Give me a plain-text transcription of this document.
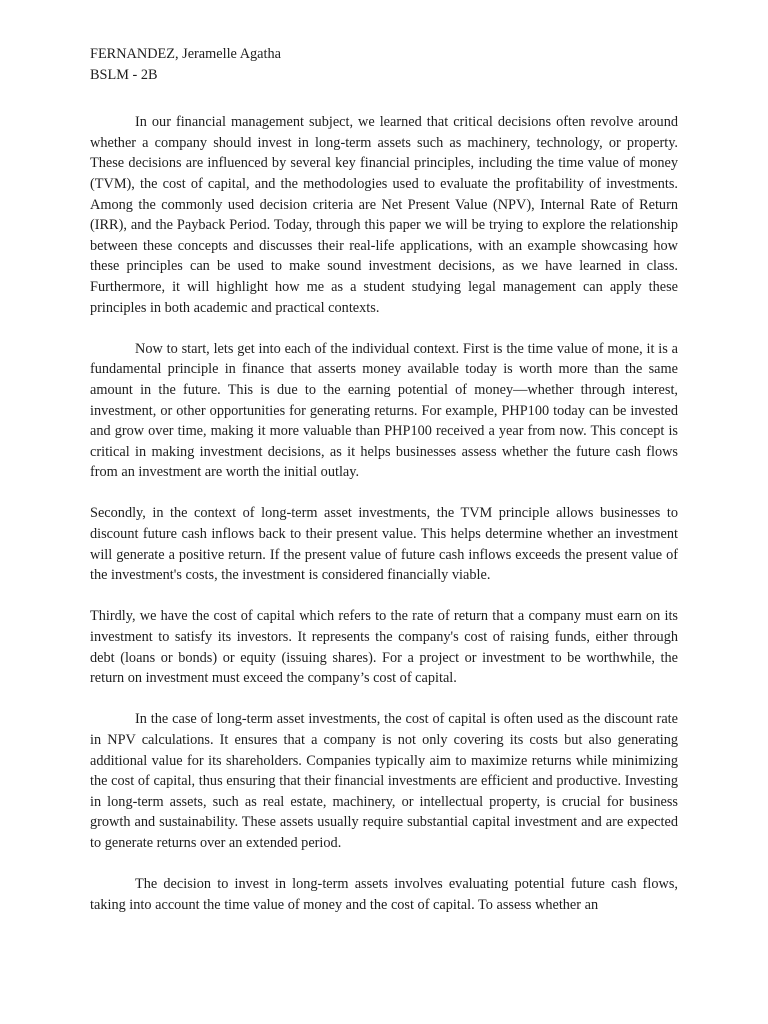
FERNANDEZ, Jeramelle Agatha
BSLM - 2B

In our financial management subject, we learned that critical decisions often revolve around whether a company should invest in long-term assets such as machinery, technology, or property. These decisions are influenced by several key financial principles, including the time value of money (TVM), the cost of capital, and the methodologies used to evaluate the profitability of investments. Among the commonly used decision criteria are Net Present Value (NPV), Internal Rate of Return (IRR), and the Payback Period. Today, through this paper we will be trying to explore the relationship between these concepts and discusses their real-life applications, with an example showcasing how these principles can be used to make sound investment decisions, as we have learned in class. Furthermore, it will highlight how me as a student studying legal management can apply these principles in both academic and practical contexts.

Now to start, lets get into each of the individual context. First is the time value of mone, it is a fundamental principle in finance that asserts money available today is worth more than the same amount in the future. This is due to the earning potential of money—whether through interest, investment, or other opportunities for generating returns. For example, PHP100 today can be invested and grow over time, making it more valuable than PHP100 received a year from now. This concept is critical in making investment decisions, as it helps businesses assess whether the future cash flows from an investment are worth the initial outlay.

Secondly, in the context of long-term asset investments, the TVM principle allows businesses to discount future cash inflows back to their present value. This helps determine whether an investment will generate a positive return. If the present value of future cash inflows exceeds the present value of the investment's costs, the investment is considered financially viable.

Thirdly, we have the cost of capital which refers to the rate of return that a company must earn on its investment to satisfy its investors. It represents the company's cost of raising funds, either through debt (loans or bonds) or equity (issuing shares). For a project or investment to be worthwhile, the return on investment must exceed the company’s cost of capital.

In the case of long-term asset investments, the cost of capital is often used as the discount rate in NPV calculations. It ensures that a company is not only covering its costs but also generating additional value for its shareholders. Companies typically aim to maximize returns while minimizing the cost of capital, thus ensuring that their financial investments are efficient and productive. Investing in long-term assets, such as real estate, machinery, or intellectual property, is crucial for business growth and sustainability. These assets usually require substantial capital investment and are expected to generate returns over an extended period.

The decision to invest in long-term assets involves evaluating potential future cash flows, taking into account the time value of money and the cost of capital. To assess whether an
